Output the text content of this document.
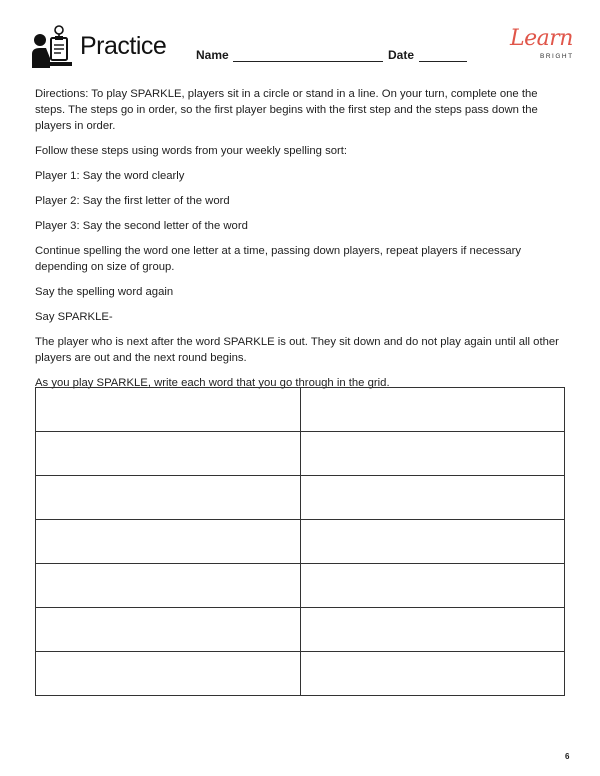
Practice Name	Date
Learn
BRIGHT

Directions: To play SPARKLE, players sit in a circle or stand in a line. On your turn, complete one the steps. The steps go in order, so the first player begins with the first step and the steps pass down the players in order.

Follow these steps using words from your weekly spelling sort:

Player 1: Say the word clearly

Player 2: Say the first letter of the word

Player 3: Say the second letter of the word

Continue spelling the word one letter at a time, passing down players, repeat players if necessary depending on size of group.

Say the spelling word again

Say SPARKLE-

The player who is next after the word SPARKLE is out. They sit down and do not play again until all other players are out and the next round begins.

As you play SPARKLE, write each word that you go through in the grid.

6
